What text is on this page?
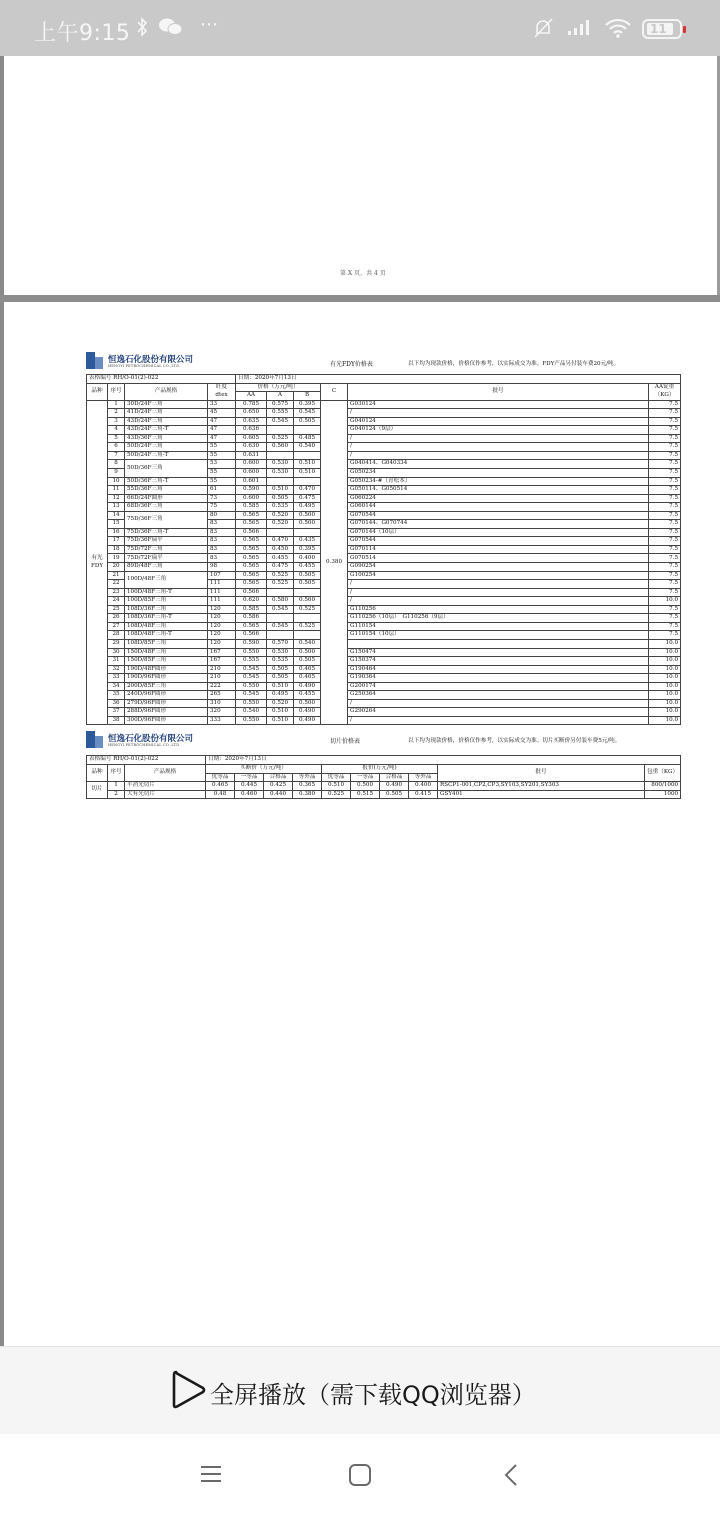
上午9:15	···	11
第 X 页，共 4 页
恒逸石化股份有限公司
HENGYI PETROCHEMICAL CO.,LTD.	有光FDY价格表	以下均为现款价格，价格仅作参考，以实际成交为准。FDY产品另付装车费20元/吨。
表格编号 RH/O-01(2)-022				日期：2020年7月13日					
品种	序号	产品规格	纤度dtex	价格（万元/吨）			C	批号	AA锭重（KG）
				AA	A	B			
有光FDY	1	30D/24F三角	33	0.785	0.575	0.395	0.380	G030124	7.5
	2	41D/24F三角	45	0.650	0.555	0.545		/	7.5
	3	43D/24F三角	47	0.635	0.545	0.505		G040124	7.5
	4	43D/24F三角-T	47	0.636				G040124（9层）	7.5
	5	43D/36F三角	47	0.605	0.525	0.485		/	7.5
	6	50D/24F三角	55	0.630	0.560	0.540		/	7.5
	7	50D/24F三角-T	55	0.631				/	7.5
	8	50D/36F三角	53	0.600	0.530	0.510		G040414、G040334	7.5
	9		55	0.600	0.530	0.510		G050234	7.5
	10	50D/36F三角-T	55	0.601				G050234-#（青松本）	7.5
	11	55D/36F三角	61	0.590	0.510	0.470		G050114、G050514	7.5
	12	66D/24F圆形	73	0.600	0.505	0.475		G060224	7.5
	13	68D/36F三角	75	0.585	0.535	0.495		G060144	7.5
	14	75D/36F三角	80	0.565	0.520	0.500		G070544	7.5
	15		83	0.565	0.520	0.500		G070144、G070744	7.5
	16	75D/36F三角-T	83	0.566				G070144（10层）	7.5
	17	75D/36F扁平	83	0.565	0.470	0.435		G070544	7.5
	18	75D/72F三角	83	0.565	0.450	0.395		G070114	7.5
	19	75D/72F扁平	83	0.565	0.455	0.400		G070514	7.5
	20	89D/48F三角	98	0.565	0.475	0.455		G090254	7.5
	21	100D/48F三角	107	0.565	0.525	0.505		G100254	7.5
	22		111	0.565	0.525	0.505		/	7.5
	23	100D/48F三角-T	111	0.566				/	7.5
	24	100D/85F三角	111	0.620	0.580	0.560		/	10.0
	25	108D/36F三角	120	0.585	0.545	0.525		G110256	7.5
	26	108D/36F三角-T	120	0.586				G110256（10层）　G110256（9层）	7.5
	27	108D/48F三角	120	0.565	0.545	0.525		G110154	7.5
	28	108D/48F三角-T	120	0.566				G110154（10层）	7.5
	29	108D/85F三角	120	0.590	0.570	0.540			10.0
	30	150D/48F三角	167	0.550	0.530	0.500		G150474	10.0
	31	150D/85F三角	167	0.555	0.535	0.505		G150374	10.0
	32	190D/48F圆形	210	0.545	0.505	0.465		G190464	10.0
	33	190D/96F圆形	210	0.545	0.505	0.465		G190364	10.0
	34	200D/85F三角	222	0.550	0.510	0.490		G200174	10.0
	35	240D/96F圆形	265	0.545	0.495	0.455		G250364	10.0
	36	279D/96F圆形	310	0.550	0.520	0.500		/	10.0
	37	288D/96F圆形	320	0.540	0.510	0.490		G290264	10.0
	38	300D/96F圆形	333	0.550	0.510	0.490		/	10.0
恒逸石化股份有限公司
HENGYI PETROCHEMICAL CO.,LTD.	切片价格表	以下均为现款价格，价格仅作参考，以实际成交为准。切片买断价另付装车费5元/吨。
表格编号 RH/O-01(2)-022			日期：2020年7月13日									
品种	序号	产品规格	买断价（万元/吨）				报价(万元/吨)				批号	包重（KG）
			优等品	一等品	合格品	等外品	优等品	一等品	合格品	等外品		
切片	1	半消光切片	0.465	0.445	0.425	0.365	0.510	0.500	0.490	0.400	RSCP1-001,CP2,CP3,SY103,SY201,SY303	800/1000
	2	大有光切片	0.48	0.460	0.440	0.380	0.525	0.515	0.505	0.415	GSY401	1000
全屏播放（需下载QQ浏览器）
